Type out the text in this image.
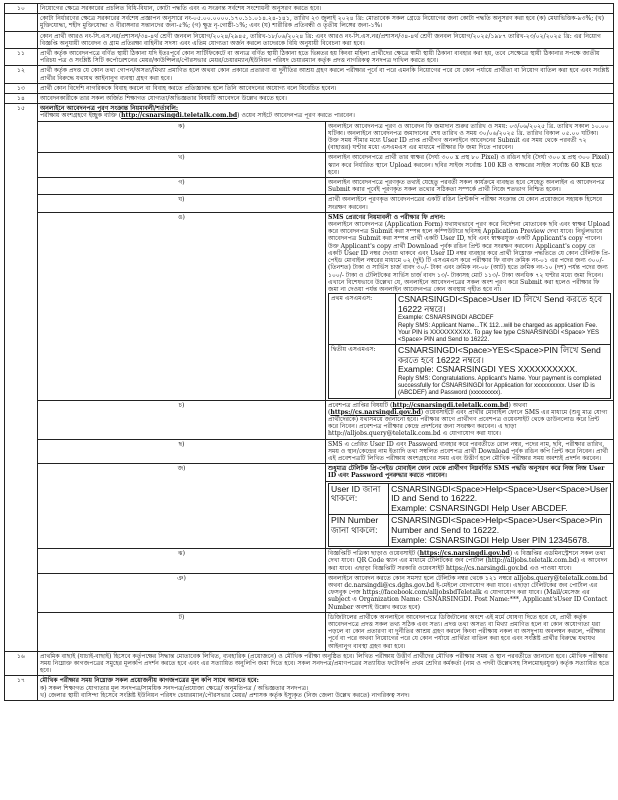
১০	নিয়োগের ক্ষেত্রে সরকারের প্রচলিত বিধি-বিধান, কোটা পদ্ধতি এবং এ সংক্রান্ত সর্বশেষ সংশোধনী অনুসরণ করতে হবে।
	কোটা নির্ধারণের ক্ষেত্রে সরকারের সর্বশেষ প্রজ্ঞাপন অনুসারে নং-০৫.০০.০০০০.১৭০.১১.০১৪.২৪-১৪১, তারিখ ২৩ জুলাই ২০২৪ খ্রি: মোতাবেক সকল গ্রেডে নিয়োগের জন্য কোটা পদ্ধতি অনুসরণ করা হবে (ক) মেধাভিত্তিক-৯৩%; (খ) মুক্তিযোদ্ধা, শহীদ মুক্তিযোদ্ধা ও বীরাঙ্গনার সন্তানদের জন্য-৫%; (গ) ক্ষুদ্র নৃ-গোষ্ঠী-১%; এবং (ঘ) শারীরিক প্রতিবন্ধী ও তৃতীয় লিঙ্গের জন্য-১%।
	কোন প্রার্থী আরও নং-সি.এস.নর/প্রশাসন/৩৪-৪র্থ শ্রেণী জনবল নিয়োগ/২০২৪/২৯৪৫, তারিখ-১৮/০৬/২০২৪ খ্রি: এবং আরও নং-সি.এস.নর/প্রশাসন/৩৪-৪র্থ শ্রেণী জনবল নিয়োগ/২০২৫/১৯৮৭ তারিখ-২৩/০২/২০২৫ খ্রি: এর নিয়োগ বিজ্ঞপ্তি অনুযায়ী আবেদন ও গ্রাম প্রতিরক্ষা বাহিনীর সদস্য এবং এতিম যোগ্যতা অর্জন করলে তাদেরকে বিধি অনুযায়ী বিবেচনা করা হবে।
১১	প্রার্থী কর্তৃক আবেদনপত্রে বর্ণিত স্থায়ী ঠিকানা যদি ইতঃপূর্বে কোন সার্টিফিকেটে বা অন্যত্র বর্ণিত স্থায়ী ঠিকানা হতে ভিন্নতর হয় কিংবা মহিলা প্রার্থীদের ক্ষেত্রে স্বামী স্থায়ী ঠিকানা ব্যবহার করা হয়, তবে সেক্ষেত্রে স্থায়ী ঠিকানার সপক্ষে জাতীয় পরিচয় পত্র ও সংশ্লিষ্ট সিটি কর্পোরেশনের মেয়র/কাউন্সিলর/পৌরসভার মেয়র/চেয়ারম্যান/ইউনিয়ন পরিষদ চেয়ারম্যান কর্তৃক প্রদত্ত নাগরিকত্ব সনদপত্র দাখিল করতে হবে।
১২	প্রার্থী কর্তৃক প্রদত্ত যে কোন তথ্য গোপন/অসত্য/মিথ্যা প্রমাণিত হলে অথবা কোন প্রকারে প্রতারণা বা দুর্নীতির আশ্রয় গ্রহণ করলে পরীক্ষার পূর্বে বা পরে এমনকি নিয়োগের পরে যে কোন পর্যায়ে প্রার্থীতা বা নিয়োগ বাতিল করা হবে এবং সংশ্লিষ্ট প্রার্থীর বিরুদ্ধে যথাযথ আইনানুগ ব্যবস্থা গ্রহণ করা হবে।
১৩	প্রার্থী কোন বিদেশি নাগরিককে বিবাহ করলে বা বিবাহ করতে প্রতিজ্ঞাবদ্ধ হলে তিনি আবেদনের অযোগ্য বলে বিবেচিত হবেন।
১৪	আবেদনকারীকে তার সকল অর্জিত শিক্ষাগত যোগ্যতা/অভিজ্ঞতার বিষয়টি আবেদনে উল্লেখ করতে হবে।
১৫	অনলাইনে আবেদনপত্র পূরণ সংক্রান্ত নিয়মাবলী/শর্তাবলি:
পরীক্ষায় অংশগ্রহণে ইচ্ছুক ব্যক্তি (http://csnarsingdi.teletalk.com.bd) ওয়েব সাইটে আবেদনপত্র পূরণ করতে পারবেন।
ক)	অনলাইনে আবেদনপত্র পূরণ ও আবেদন ফি জমাদান শুরুর তারিখ ও সময়: ০৩/০৬/২০২৫ খ্রি. তারিখ সকাল ১০.০০ ঘটিকা। অনলাইনে আবেদনপত্র জমাদানের শেষ তারিখ ও সময় ৩০/০৬/২০২৫ খ্রি. তারিখ বিকাল ০৫.০০ ঘটিকা। উক্ত সময় সীমার মধ্যে User ID প্রাপ্ত প্রার্থীগণ অনলাইনে আবেদনের Submit এর সময় থেকে পরবর্তী ৭২ (বাহাত্তর) ঘণ্টার মধ্যে এসএমএস এর মাধ্যমে পরীক্ষার ফি জমা দিতে পারবেন।
খ)	অনলাইন আবেদনপত্রে প্রার্থী তার স্বাক্ষর (দৈর্ঘ্য ৩০০ x প্রস্থ ৮০ Pixel) ও রঙিন ছবি (দৈর্ঘ্য ৩০০ x প্রস্থ ৩০০ Pixel) স্ক্যান করে নির্ধারিত স্থানে Upload করবেন। ছবির সাইজ সর্বোচ্চ 100 KB ও স্বাক্ষরের সাইজ সর্বোচ্চ 60 KB হতে হবে।
গ)	অনলাইন আবেদনপত্রে পূরণকৃত তথ্যই যেহেতু পরবর্তী সকল কার্যক্রমে ব্যবহৃত হবে সেহেতু অনলাইন এ আবেদনপত্র Submit করার পূর্বেই পূরণকৃত সকল তথ্যের সঠিকতা সম্পর্কে প্রার্থী নিজে শতভাগ নিশ্চিত হবেন।
ঘ)	প্রার্থী অনলাইনে পূরণকৃত আবেদনপত্রের একটি রঙিন প্রিন্টকপি পরীক্ষা সংক্রান্ত যে কোন প্রয়োজনে সহায়ক হিসেবে সংরক্ষণ করবেন।
ঙ)	SMS প্রেরণের নিয়মাবলী ও পরীক্ষার ফি প্রদান:
অনলাইনে আবেদনপত্র (Application Form) যথাযথভাবে পূরণ করে নির্দেশনা মোতাবেক ছবি এবং স্বাক্ষর Upload করে আবেদনপত্র Submit করা সম্পন্ন হলে কম্পিউটারে ছবিসহ Application Preview দেখা যাবে। নির্ভুলভাবে আবেদনপত্র Submit করা সম্পন্ন প্রার্থী একটি User ID, ছবি এবং স্বাক্ষরযুক্ত একটি Applicant's copy পাবেন। উক্ত Applicant's copy প্রার্থী Download পূর্বক রঙিন প্রিন্ট করে সংরক্ষণ করবেন। Applicant's copy তে একটি User ID নম্বর দেওয়া থাকবে এবং User ID নম্বর ব্যবহার করে প্রার্থী নিম্নোক্ত পদ্ধতিতে যে কোন টেলিটক প্রি-পেইড মোবাইল নম্বরের মাধ্যমে ০২ (দুই) টি এসএমএস করে পরীক্ষার ফি বাবদ ক্রমিক নং-০১ এর পদের জন্য ৩০০/- (তিনশত) টাকা ও সার্ভিস চার্জ বাবদ ৩০/- টাকা এবং ক্রমিক নং-০৮ (আট) হতে ক্রমিক নং-১০ (দশ) পর্যন্ত পদের জন্য ১০০/- টাকা ও টেলিটকের সার্ভিস চার্জ বাবদ ১৩/- টাকাসহ মোট ১১৩/- টাকা অনধিক ৭২ ঘণ্টার মধ্যে জমা দিবেন। এখানে বিশেষভাবে উল্লেখ্য যে, অনলাইনে আবেদনপত্রের সকল অংশ পূরণ করে Submit করা হলেও পরীক্ষার ফি জমা না দেওয়া পর্যন্ত অনলাইন আবেদনপত্র কোন অবস্থায় গৃহীত হবে না।
প্রথম এসএমএস:	CSNARSINGDI<Space>User ID লিখে Send করতে হবে 16222 নম্বরে।
Example: CSNARSINGDI ABCDEF
Reply SMS: Applicant Name...TK 112...will be charged as application Fee. Your PIN is XXXXXXXXXX. To pay fee type CSNARSINGDI <Space> YES <Space> PIN and Send to 16222.
দ্বিতীয় এসএমএস:	CSNARSINGDI<Space>YES<Space>PIN লিখে Send করতে হবে 16222 নম্বরে।
Example: CSNARSINGDI YES XXXXXXXXXX.
Reply SMS: Congratulations. Applicant's Name. Your payment is completed successfully for CSNARSINGDI for Application for xxxxxxxxxx. User ID is (ABCDEF) and Password (xxxxxxxxx).

চ)	প্রবেশপত্র প্রাপ্তির বিষয়টি (http://csnarsingdi.teletalk.com.bd) অথবা (https://cs.narsingdi.gov.bd) ওয়েবসাইটে এবং প্রার্থীর মোবাইল ফোনে SMS এর মাধ্যমে (শুধু মাত্র যোগ্য প্রার্থীদেরকে) যথাসময়ে জানানো হবে। পরীক্ষার আগে প্রার্থীগণ প্রবেশপত্র ওয়েবসাইট থেকে ডাউনলোড করে প্রিন্ট করে নিবেন। প্রবেশপত্র পরীক্ষার কেন্দ্রে প্রদর্শনের জন্য সংরক্ষণ করবেন। এ ছাড়া http://alljobs.query@teletalk.com.bd এ যোগাযোগ করা যাবে।
ছ)	SMS এ প্রেরিত User ID এবং Password ব্যবহার করে পরবর্তীতে রোল নম্বর, পদের নাম, ছবি, পরীক্ষার তারিখ, সময় ও স্থান/কেন্দ্রের নাম ইত্যাদি তথ্য সম্বলিত প্রবেশপত্র প্রার্থী Download পূর্বক রঙিন কপি প্রিন্ট করে নিবেন। প্রার্থী এই প্রবেশপত্রটি লিখিত পরীক্ষায় অংশগ্রহণের সময় এবং উত্তীর্ণ হলে মৌখিক পরীক্ষার সময় অবশ্যই প্রদর্শন করবেন।
জ)	শুধুমাত্র টেলিটক প্রি-পেইড মোবাইল ফোন থেকে প্রার্থীগণ নিম্নবর্ণিত SMS পদ্ধতি অনুসরণ করে নিজ নিজ User ID এবং Password পুনরুদ্ধার করতে পারবেন।

User ID জানা থাকলে:	CSNARSINGDI<Space>Help<Space>User<Space>User ID and Send to 16222.
Example: CSNARSINGDI Help User ABCDEF.
PIN Number জানা থাকলে:	CSNARSINGDI<Space>Help<Space>User<Space>Pin Number and Send to 16222.
Example: CSNARSINGDI Help User PIN 12345678.

ঝ)	বিজ্ঞপ্তিটি পত্রিকা ছাড়াও ওয়েবসাইট (https://cs.narsingdi.gov.bd) এ বিজ্ঞপ্তির এডমিনস্ট্রেশনে সকল তথ্য দেখা যাবে। QR Code স্ক্যান এর মাধ্যমে টেলিটকের জব পোর্টাল (http://alljobs.teletalk.com.bd) এ আবেদন করা যাবে। এছাড়া বিজ্ঞপ্তিটি সরকারি ওয়েবসাইট https://cs.narsingdi.gov.bd এও পাওয়া যাবে।
ঞ)	অনলাইনে আবেদন করতে কোন সমস্যা হলে টেলিটক নম্বর থেকে ১২১ নম্বরে alljobs.query@teletalk.com.bd অথবা dc.narsingdi@cs.dghs.gov.bd ই-মেইলে যোগাযোগ করা যাবে। এছাড়া টেলিটকের জব পোর্টাল এর ফেসবুক পেজ https://facebook.com/alljobsbdTeletalk এ যোগাযোগ করা যাবে। (Mail/মেসেজ এর subject এ Organization Name: CSNARSINGDI. Post Name:***, Applicant'sUser ID Contact Number অবশ্যই উল্লেখ করতে হবে)
ট)	ডিজিটালের প্রার্থীকে অনলাইনে আবেদনপত্রে ডিজিটালের অংশে এই মর্মে ঘোষণা দিতে হবে যে, প্রার্থী কর্তৃক আবেদনপত্রে প্রদত্ত সকল তথ্য সঠিক এবং সত্য। প্রদত্ত তথ্য অসত্য বা মিথ্যা প্রমাণিত হলে বা কোন অযোগ্যতা ধরা পড়লে বা কোন প্রতারণা বা দুর্নীতির আশ্রয় গ্রহণ করলে কিংবা পরীক্ষায় নকল বা অসদুপায় অবলম্বন করলে, পরীক্ষার পূর্বে বা পরে অথবা নিয়োগের পরে যে কোন পর্যায়ে প্রার্থিতা বাতিল করা হবে এবং সংশ্লিষ্ট প্রার্থীর বিরুদ্ধে যথাযথ আইনানুগ ব্যবস্থা গ্রহণ করা হবে।
১৬	প্রাথমিক বাছাই (যাচাই-বাছাই) হিসেবে কর্তৃপক্ষের সিদ্ধান্ত মোতাবেক লিখিত, ব্যবহারিক (প্রয়োজনে) ও মৌখিক পরীক্ষা অনুষ্ঠিত হবে। লিখিত পরীক্ষায় উত্তীর্ণ প্রার্থীদের মৌখিক পরীক্ষার সময় ও স্থান পরবর্তীতে জানানো হবে। মৌখিক পরীক্ষার সময় নিম্নোক্ত কাগজপত্রের সমুহের মূলকপি প্রদর্শন করতে হবে এবং এর সত্যায়িত অনুলিপি জমা দিতে হবে। সকল সনদপত্র/প্রমাণপত্রের সত্যায়িত ফটোকপি প্রথম শ্রেণির কর্মকর্তা (নাম ও পদবী উল্লেখসহ সিলমোহরযুক্ত) কর্তৃক সত্যায়িত হতে হবে।
১৭	মৌখিক পরীক্ষার সময় নিম্নোক্ত সকল প্রয়োজনীয় কাগজপত্রের মূল কপি সাথে আনতে হবে:
ক) সকল শিক্ষাগত যোগ্যতার মূল সনদপত্র/সাময়িক সনদপত্র/প্রযোজ্য ক্ষেত্রে/ অনুমতিপত্র / অভিজ্ঞতার সনদপত্র।
খ) জেলার স্থায়ী বাসিন্দা হিসেবে সংশ্লিষ্ট ইউনিয়ন পরিষদ চেয়ারম্যান/পৌরসভার মেয়র/ প্রশাসক কর্তৃক ইস্যুকৃত (নিজ জেলা উল্লেখ করতে) নাগরিকত্ব সনদ।
